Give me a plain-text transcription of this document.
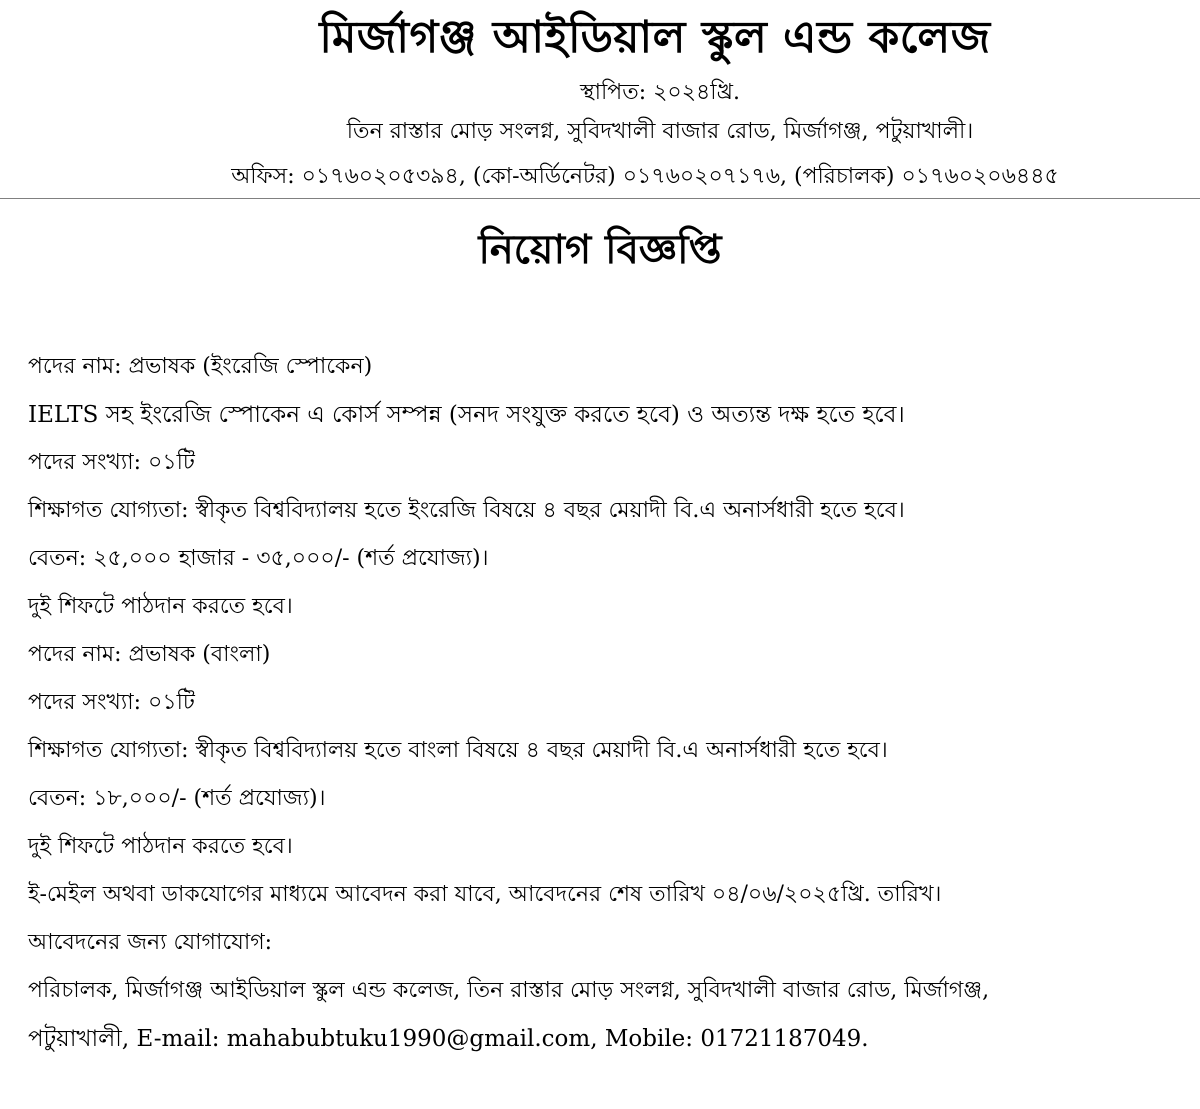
মির্জাগঞ্জ আইডিয়াল স্কুল এন্ড কলেজ
স্থাপিত: ২০২৪খ্রি.
তিন রাস্তার মোড় সংলগ্ন, সুবিদখালী বাজার রোড, মির্জাগঞ্জ, পটুয়াখালী।
অফিস: ০১৭৬০২০৫৩৯৪, (কো-অর্ডিনেটর) ০১৭৬০২০৭১৭৬, (পরিচালক) ০১৭৬০২০৬৪৪৫
নিয়োগ বিজ্ঞপ্তি
পদের নাম: প্রভাষক (ইংরেজি স্পোকেন)
IELTS সহ ইংরেজি স্পোকেন এ কোর্স সম্পন্ন (সনদ সংযুক্ত করতে হবে) ও অত্যন্ত দক্ষ হতে হবে।
পদের সংখ্যা: ০১টি
শিক্ষাগত যোগ্যতা: স্বীকৃত বিশ্ববিদ্যালয় হতে ইংরেজি বিষয়ে ৪ বছর মেয়াদী বি.এ অনার্সধারী হতে হবে।
বেতন: ২৫,০০০ হাজার - ৩৫,০০০/- (শর্ত প্রযোজ্য)।
দুই শিফটে পাঠদান করতে হবে।
পদের নাম: প্রভাষক (বাংলা)
পদের সংখ্যা: ০১টি
শিক্ষাগত যোগ্যতা: স্বীকৃত বিশ্ববিদ্যালয় হতে বাংলা বিষয়ে ৪ বছর মেয়াদী বি.এ অনার্সধারী হতে হবে।
বেতন: ১৮,০০০/- (শর্ত প্রযোজ্য)।
দুই শিফটে পাঠদান করতে হবে।
ই-মেইল অথবা ডাকযোগের মাধ্যমে আবেদন করা যাবে, আবেদনের শেষ তারিখ ০৪/০৬/২০২৫খ্রি. তারিখ।
আবেদনের জন্য যোগাযোগ:
পরিচালক, মির্জাগঞ্জ আইডিয়াল স্কুল এন্ড কলেজ, তিন রাস্তার মোড় সংলগ্ন, সুবিদখালী বাজার রোড, মির্জাগঞ্জ,
পটুয়াখালী, E-mail: mahabubtuku1990@gmail.com, Mobile: 01721187049.
